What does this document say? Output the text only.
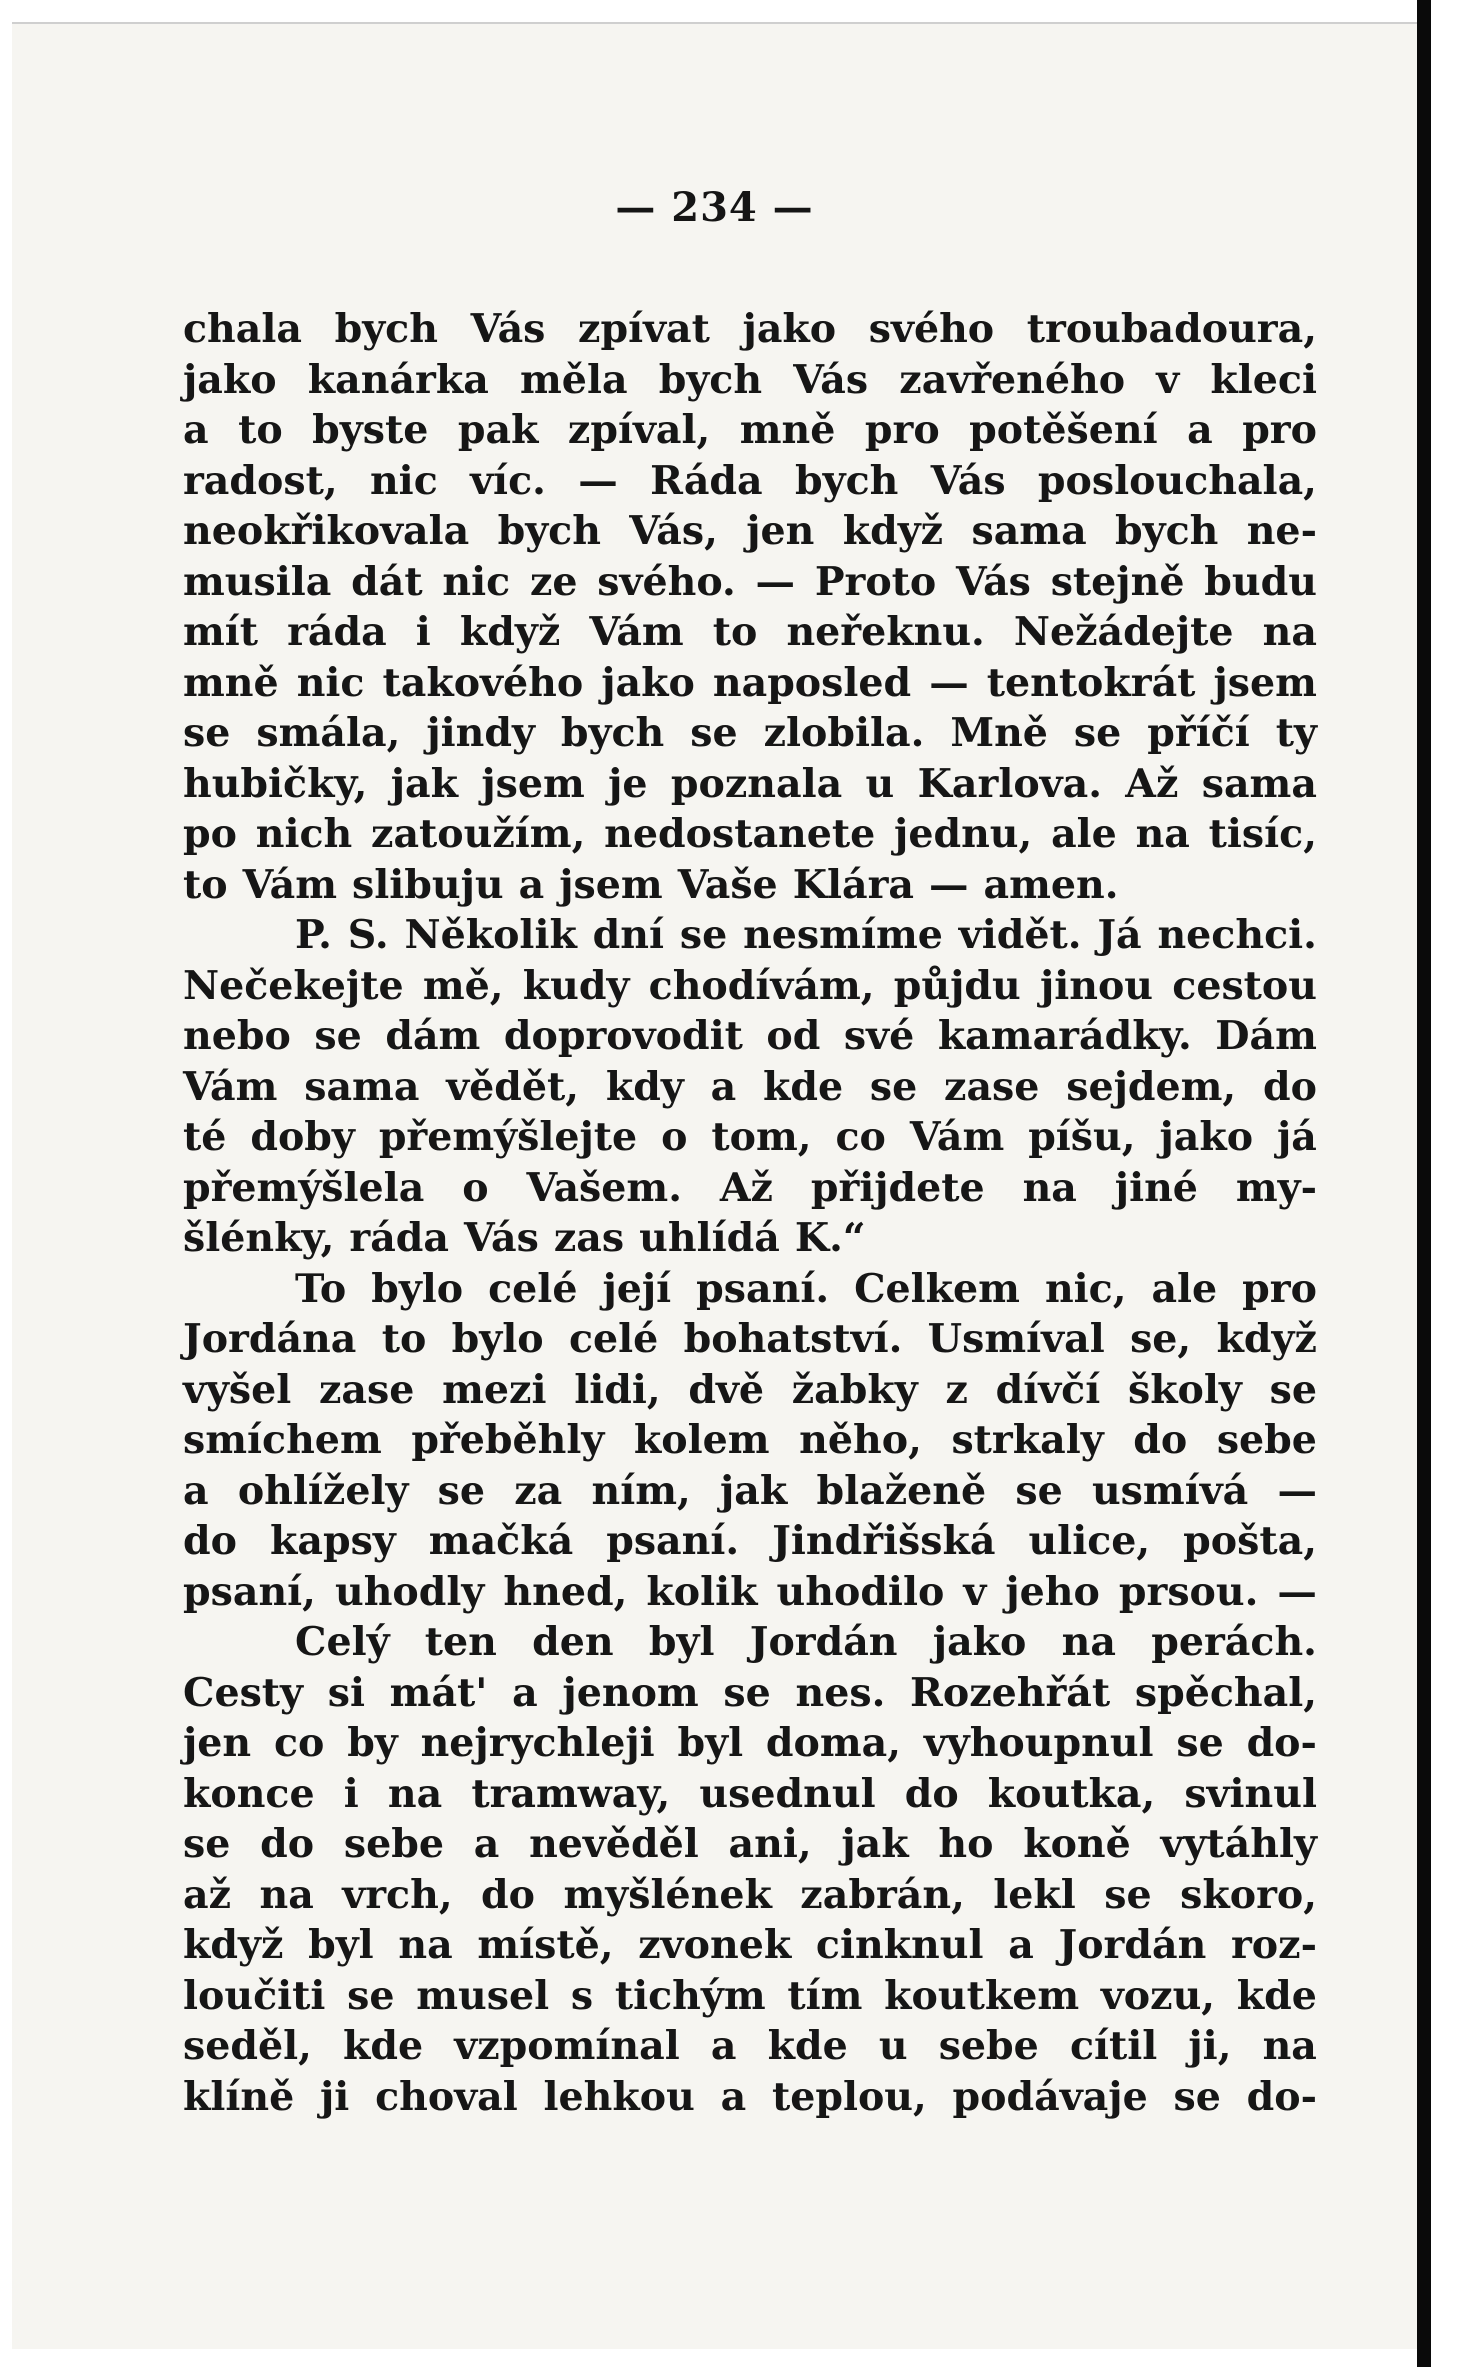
— 234 —
chala bych Vás zpívat jako svého troubadoura,
jako kanárka měla bych Vás zavřeného v kleci
a to byste pak zpíval, mně pro potěšení a pro
radost, nic víc. — Ráda bych Vás poslouchala,
neokřikovala bych Vás, jen když sama bych ne-
musila dát nic ze svého. — Proto Vás stejně budu
mít ráda i když Vám to neřeknu. Nežádejte na
mně nic takového jako naposled — tentokrát jsem
se smála, jindy bych se zlobila. Mně se příčí ty
hubičky, jak jsem je poznala u Karlova. Až sama
po nich zatoužím, nedostanete jednu, ale na tisíc,
to Vám slibuju a jsem Vaše Klára — amen.
P. S. Několik dní se nesmíme vidět. Já nechci.
Nečekejte mě, kudy chodívám, půjdu jinou cestou
nebo se dám doprovodit od své kamarádky. Dám
Vám sama vědět, kdy a kde se zase sejdem, do
té doby přemýšlejte o tom, co Vám píšu, jako já
přemýšlela o Vašem. Až přijdete na jiné my-
šlénky, ráda Vás zas uhlídá K.“
To bylo celé její psaní. Celkem nic, ale pro
Jordána to bylo celé bohatství. Usmíval se, když
vyšel zase mezi lidi, dvě žabky z dívčí školy se
smíchem přeběhly kolem něho, strkaly do sebe
a ohlížely se za ním, jak blaženě se usmívá —
do kapsy mačká psaní. Jindřišská ulice, pošta,
psaní, uhodly hned, kolik uhodilo v jeho prsou. —
Celý ten den byl Jordán jako na perách.
Cesty si mát' a jenom se nes. Rozehřát spěchal,
jen co by nejrychleji byl doma, vyhoupnul se do-
konce i na tramway, usednul do koutka, svinul
se do sebe a nevěděl ani, jak ho koně vytáhly
až na vrch, do myšlének zabrán, lekl se skoro,
když byl na místě, zvonek cinknul a Jordán roz-
loučiti se musel s tichým tím koutkem vozu, kde
seděl, kde vzpomínal a kde u sebe cítil ji, na
klíně ji choval lehkou a teplou, podávaje se do-
